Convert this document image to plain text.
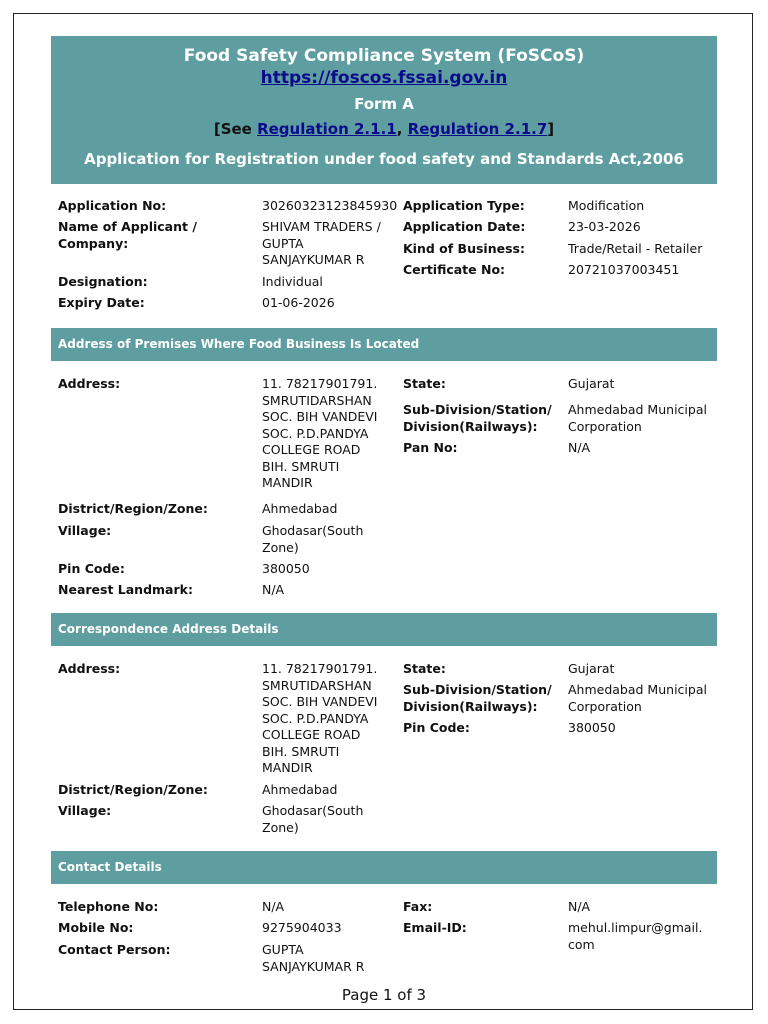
Food Safety Compliance System (FoSCoS)
https://foscos.fssai.gov.in
Form A
[See Regulation 2.1.1, Regulation 2.1.7]
Application for Registration under food safety and Standards Act,2006
Application No:	30260323123845930 Application Type:	Modification
Name of Applicant / Company:
SHIVAM TRADERS / GUPTA SANJAYKUMAR R
Application Date:	23-03-2026
Kind of Business:	Trade/Retail - Retailer
Certificate No:	20721037003451
Designation:	Individual
Expiry Date:	01-06-2026
Address of Premises Where Food Business Is Located
Address:	11. 78217901791. SMRUTIDARSHAN SOC. BIH VANDEVI SOC. P.D.PANDYA COLLEGE ROAD BIH. SMRUTI MANDIR
State:	Gujarat
Sub-Division/Station/ Division(Railways):
Ahmedabad Municipal Corporation
Pan No:	N/A
District/Region/Zone:	Ahmedabad
Village:	Ghodasar(South Zone)
Pin Code:	380050
Nearest Landmark:	N/A
Correspondence Address Details
Address:	11. 78217901791. SMRUTIDARSHAN SOC. BIH VANDEVI SOC. P.D.PANDYA COLLEGE ROAD BIH. SMRUTI MANDIR
State:	Gujarat
Sub-Division/Station/ Division(Railways):
Ahmedabad Municipal Corporation
Pin Code:	380050
District/Region/Zone:	Ahmedabad
Village:	Ghodasar(South Zone)
Contact Details
Telephone No:	N/A	Fax:	N/A
Mobile No:	9275904033	Email-ID:	mehul.limpur@gmail. com
Contact Person:	GUPTA SANJAYKUMAR R
Page 1 of 3
